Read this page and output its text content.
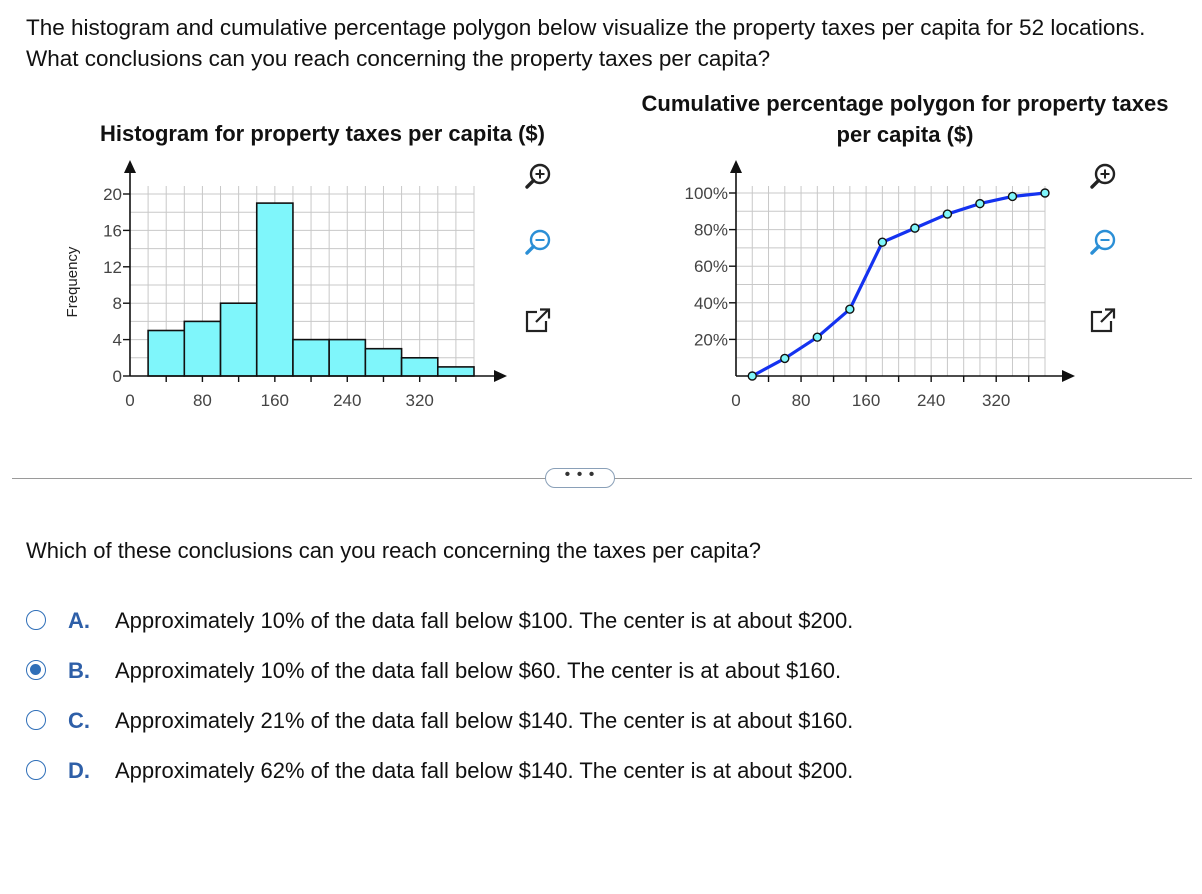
The histogram and cumulative percentage polygon below visualize the property taxes per capita for 52 locations. What conclusions can you reach concerning the property taxes per capita?
Histogram for property taxes per capita ($)
Cumulative percentage polygon for property taxes per capita ($)
0
4
8
12
16
20
0	80	160	240	320
Frequency
20%
40%
60%
80%
100%
0	80 160 240 320
• • •
Which of these conclusions can you reach concerning the taxes per capita?
A. Approximately 10% of the data fall below $100. The center is at about $200.
B. Approximately 10% of the data fall below $60. The center is at about $160.
C. Approximately 21% of the data fall below $140. The center is at about $160.
D. Approximately 62% of the data fall below $140. The center is at about $200.
